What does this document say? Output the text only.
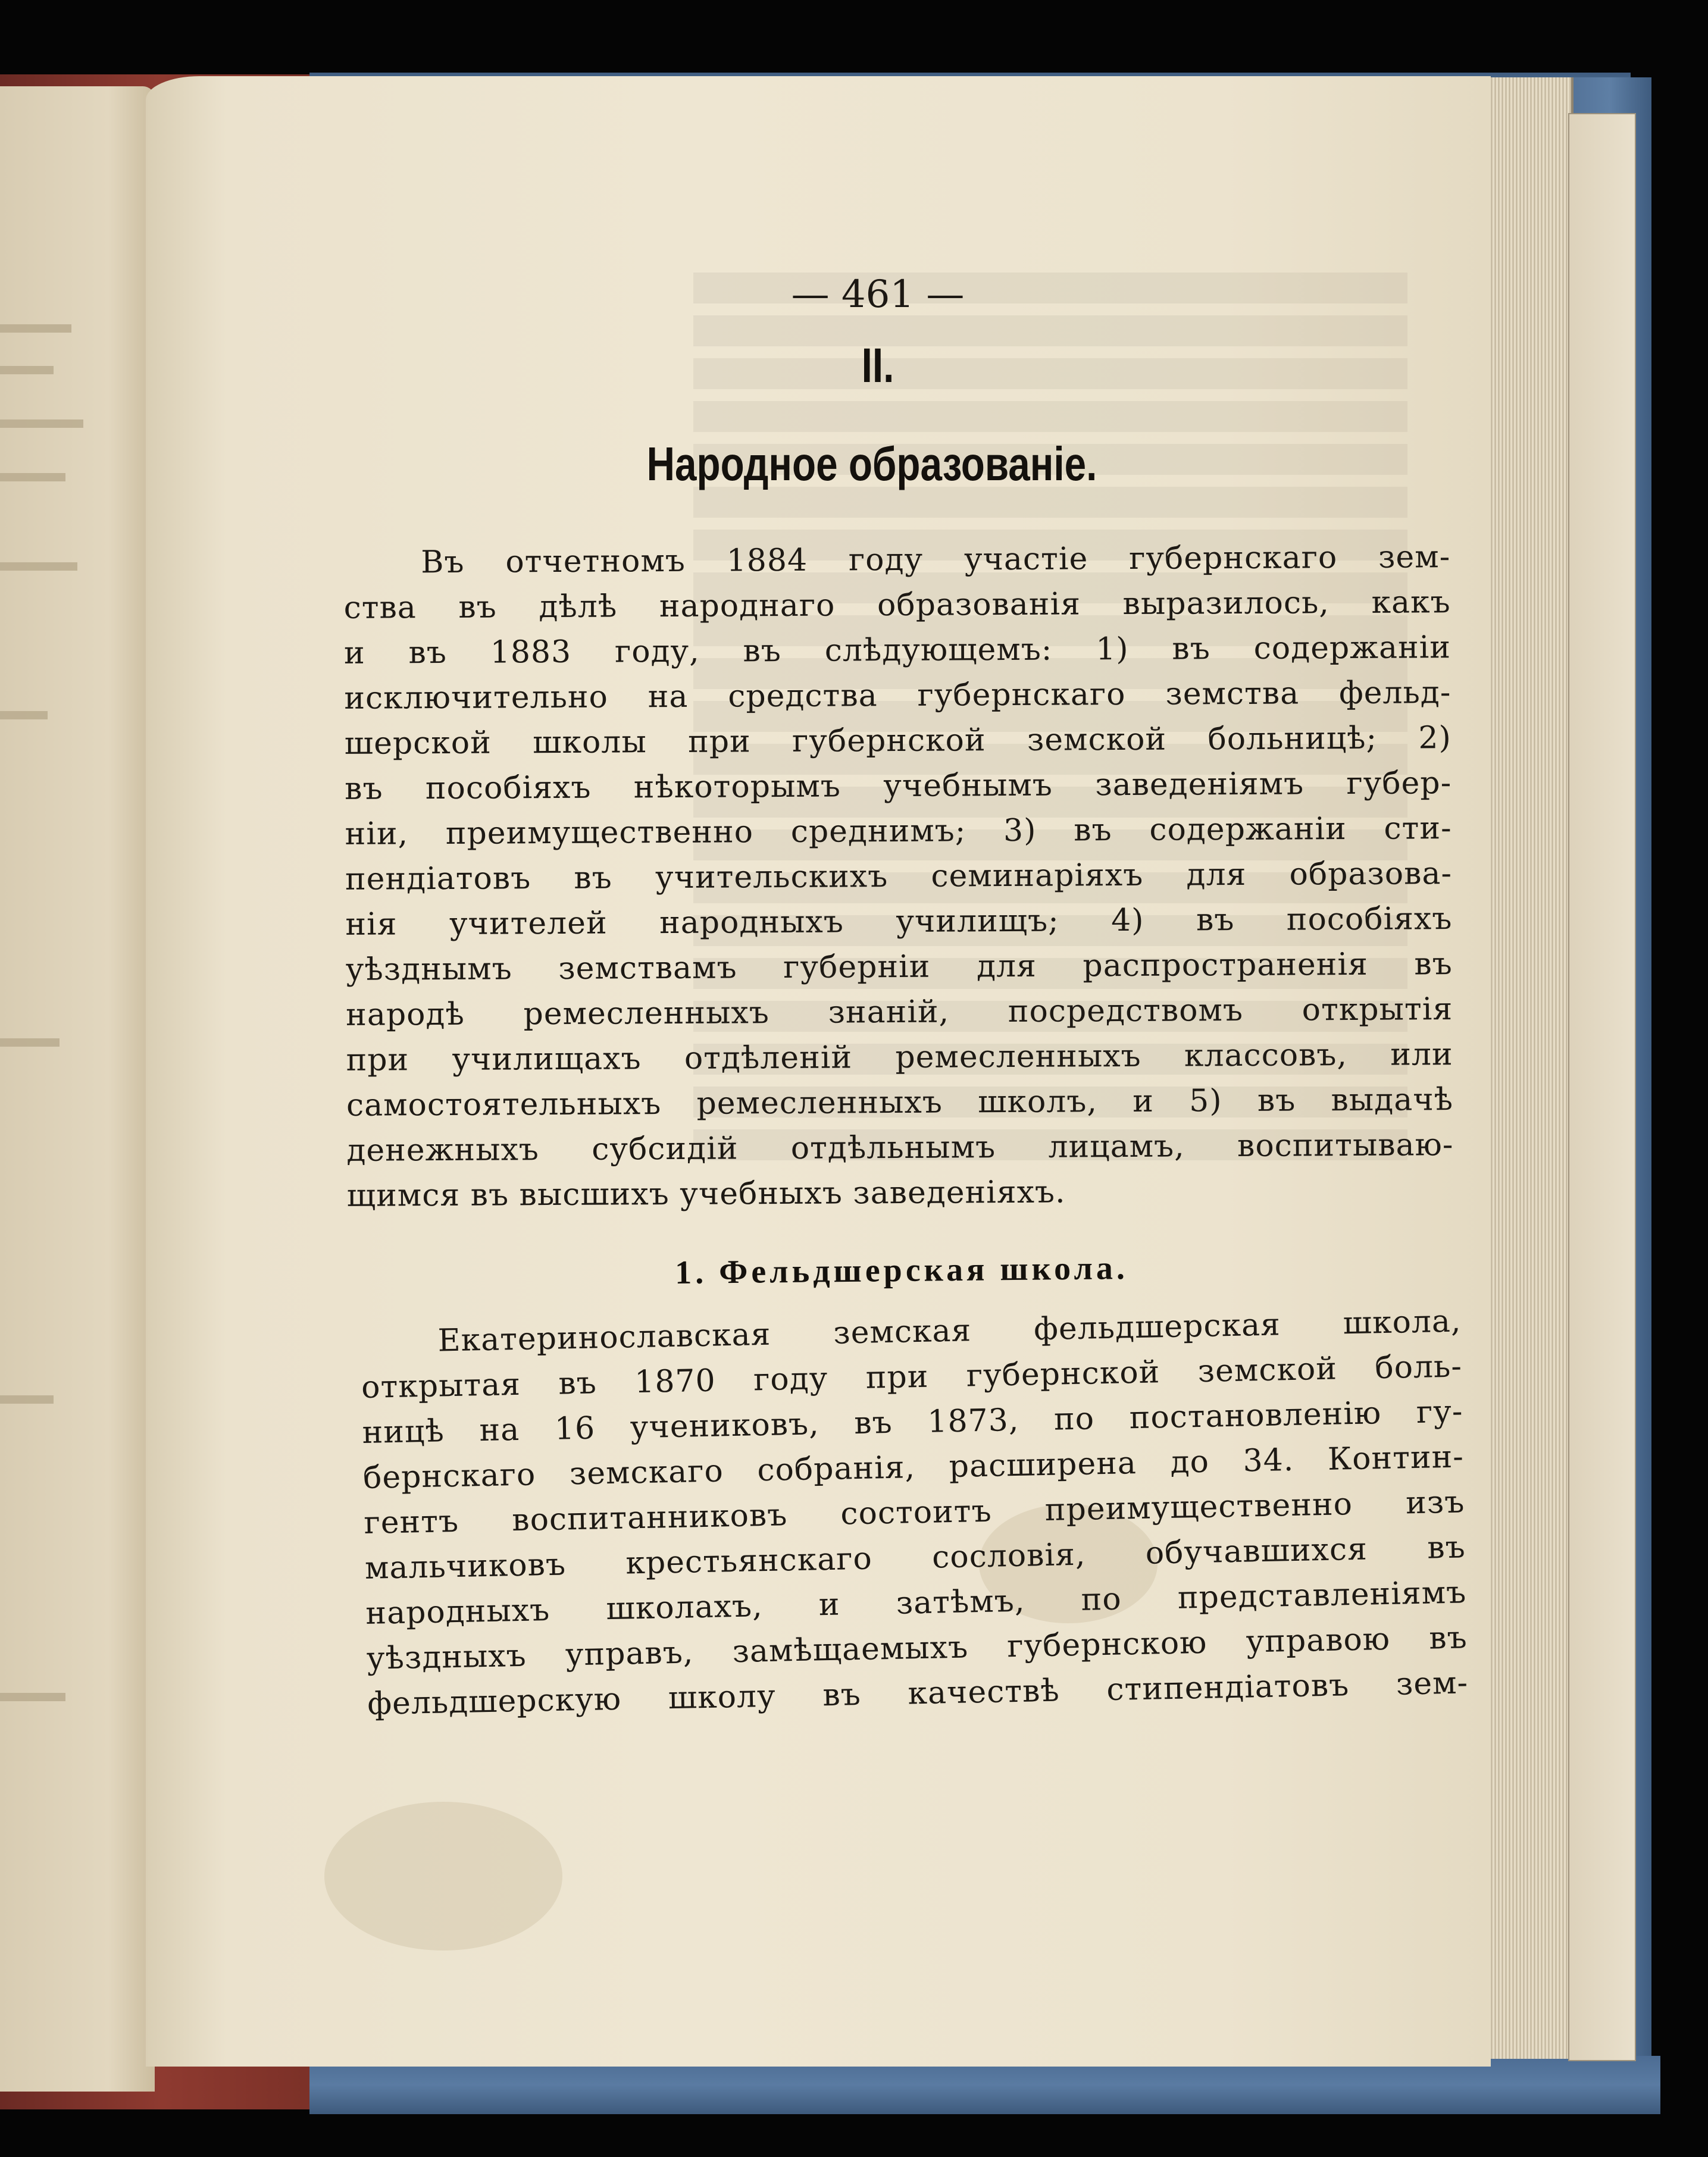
— 461 —
II.
Народное образованіе.
Въ отчетномъ 1884 году участіе губернскаго зем-
ства въ дѣлѣ народнаго образованія выразилось, какъ
и въ 1883 году, въ слѣдующемъ: 1) въ содержаніи
исключительно на средства губернскаго земства фельд-
шерской школы при губернской земской больницѣ; 2)
въ пособіяхъ нѣкоторымъ учебнымъ заведеніямъ губер-
ніи, преимущественно среднимъ; 3) въ содержаніи сти-
пендіатовъ въ учительскихъ семинаріяхъ для образова-
нія учителей народныхъ училищъ; 4) въ пособіяхъ
уѣзднымъ земствамъ губерніи для распространенія въ
народѣ ремесленныхъ знаній, посредствомъ открытія
при училищахъ отдѣленій ремесленныхъ классовъ, или
самостоятельныхъ ремесленныхъ школъ, и 5) въ выдачѣ
денежныхъ субсидій отдѣльнымъ лицамъ, воспитываю-
щимся въ высшихъ учебныхъ заведеніяхъ.
1. Фельдшерская школа.
Екатеринославская земская фельдшерская школа,
открытая въ 1870 году при губернской земской боль-
ницѣ на 16 учениковъ, въ 1873, по постановленію гу-
бернскаго земскаго собранія, расширена до 34. Контин-
гентъ воспитанниковъ состоитъ преимущественно изъ
мальчиковъ крестьянскаго сословія, обучавшихся въ
народныхъ школахъ, и затѣмъ, по представленіямъ
уѣздныхъ управъ, замѣщаемыхъ губернскою управою въ
фельдшерскую школу въ качествѣ стипендіатовъ зем-
